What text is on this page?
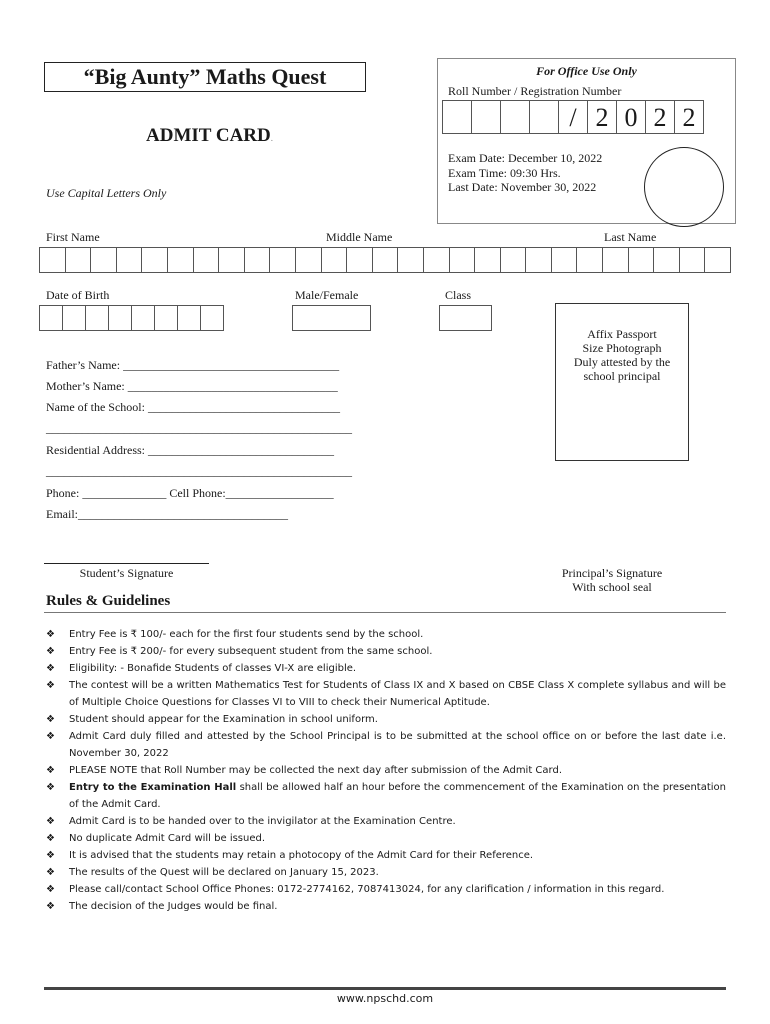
“Big Aunty” Maths Quest
ADMIT CARD.
Use Capital Letters Only
For Office Use Only
Roll Number / Registration Number
/ 2 0 2 2
Exam Date: December 10, 2022
Exam Time: 09:30 Hrs.
Last Date: November 30, 2022
First Name	Middle Name	Last Name
Date of Birth	Male/Female	Class
Affix Passport
Size Photograph
Duly attested by the
school principal
Father’s Name: ____________________________________
Mother’s Name: ___________________________________
Name of the School: ________________________________
___________________________________________________
Residential Address: _______________________________
___________________________________________________
Phone: ______________ Cell Phone:__________________
Email:___________________________________
Student’s Signature	Principal’s Signature
With school seal
Rules & Guidelines
❖ Entry Fee is ₹ 100/- each for the first four students send by the school.
❖ Entry Fee is ₹ 200/- for every subsequent student from the same school.
❖ Eligibility: - Bonafide Students of classes VI-X are eligible.
❖ The contest will be a written Mathematics Test for Students of Class IX and X based on CBSE Class X complete syllabus and will be of Multiple Choice Questions for Classes VI to VIII to check their Numerical Aptitude.
❖ Student should appear for the Examination in school uniform.
❖ Admit Card duly filled and attested by the School Principal is to be submitted at the school office on or before the last date i.e. November 30, 2022
❖ PLEASE NOTE that Roll Number may be collected the next day after submission of the Admit Card.
❖ Entry to the Examination Hall shall be allowed half an hour before the commencement of the Examination on the presentation of the Admit Card.
❖ Admit Card is to be handed over to the invigilator at the Examination Centre.
❖ No duplicate Admit Card will be issued.
❖ It is advised that the students may retain a photocopy of the Admit Card for their Reference.
❖ The results of the Quest will be declared on January 15, 2023.
❖ Please call/contact School Office Phones: 0172-2774162, 7087413024, for any clarification / information in this regard.
❖ The decision of the Judges would be final.
www.npschd.com
